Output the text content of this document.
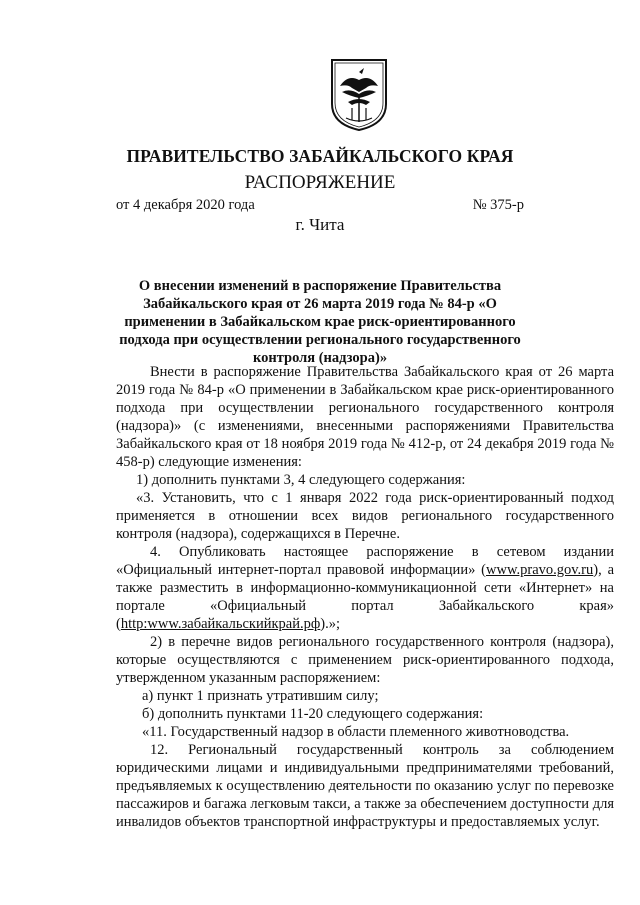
ПРАВИТЕЛЬСТВО ЗАБАЙКАЛЬСКОГО КРАЯ
РАСПОРЯЖЕНИЕ
от 4 декабря 2020 года	№ 375-р
г. Чита
О внесении изменений в распоряжение Правительства Забайкальского края от 26 марта 2019 года № 84-р «О применении в Забайкальском крае риск-ориентированного подхода при осуществлении регионального государственного контроля (надзора)»

Внести в распоряжение Правительства Забайкальского края от 26 марта 2019 года № 84-р «О применении в Забайкальском крае риск-ориентированного подхода при осуществлении регионального государственного контроля (надзора)» (с изменениями, внесенными распоряжениями Правительства Забайкальского края от 18 ноября 2019 года № 412-р, от 24 декабря 2019 года № 458-р) следующие изменения:

1) дополнить пунктами 3, 4 следующего содержания:

«3. Установить, что с 1 января 2022 года риск-ориентированный подход применяется в отношении всех видов регионального государственного контроля (надзора), содержащихся в Перечне.

4. Опубликовать настоящее распоряжение в сетевом издании «Официальный интернет-портал правовой информации» (www.pravo.gov.ru), а также разместить в информационно-коммуникационной сети «Интернет» на портале «Официальный портал Забайкальского края» (http:www.забайкальскийкрай.рф).»;

2) в перечне видов регионального государственного контроля (надзора), которые осуществляются с применением риск-ориентированного подхода, утвержденном указанным распоряжением:

а) пункт 1 признать утратившим силу;

б) дополнить пунктами 11-20 следующего содержания:

«11. Государственный надзор в области племенного животноводства.

12. Региональный государственный контроль за соблюдением юридическими лицами и индивидуальными предпринимателями требований, предъявляемых к осуществлению деятельности по оказанию услуг по перевозке пассажиров и багажа легковым такси, а также за обеспечением доступности для инвалидов объектов транспортной инфраструктуры и предоставляемых услуг.
